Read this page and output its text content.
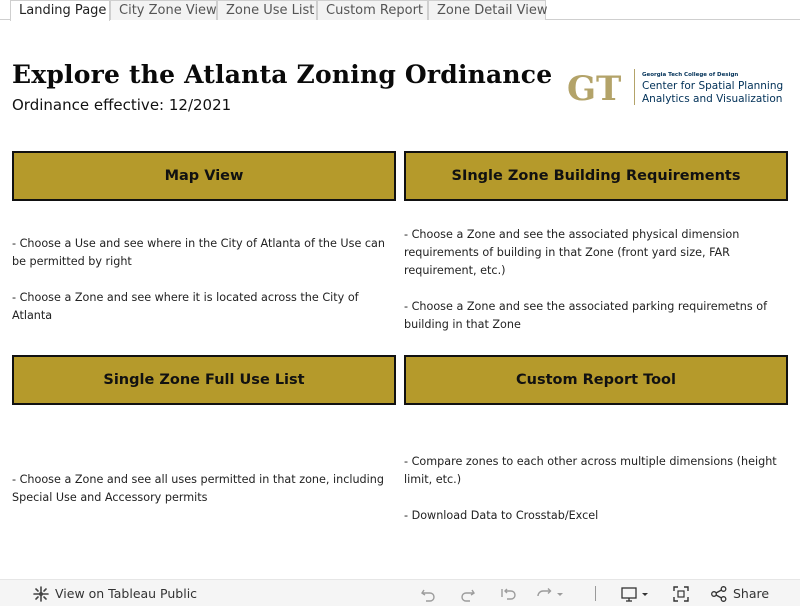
Landing Page City Zone View Zone Use List Custom Report	Zone Detail View
Explore the Atlanta Zoning Ordinance
Ordinance effective: 12/2021	GT	Georgia Tech College of Design
Center for Spatial Planning
Analytics and Visualization
Map View

- Choose a Use and see where in the City of Atlanta of the Use can be permitted by right

- Choose a Zone and see where it is located across the City of Atlanta

SIngle Zone Building Requirements

- Choose a Zone and see the associated physical dimension requirements of building in that Zone (front yard size, FAR requirement, etc.)

- Choose a Zone and see the associated parking requiremetns of building in that Zone

Single Zone Full Use List

- Choose a Zone and see all uses permitted in that zone, including Special Use and Accessory permits

Custom Report Tool

- Compare zones to each other across multiple dimensions (height limit, etc.)

- Download Data to Crosstab/Excel

View on Tableau Public	Share
